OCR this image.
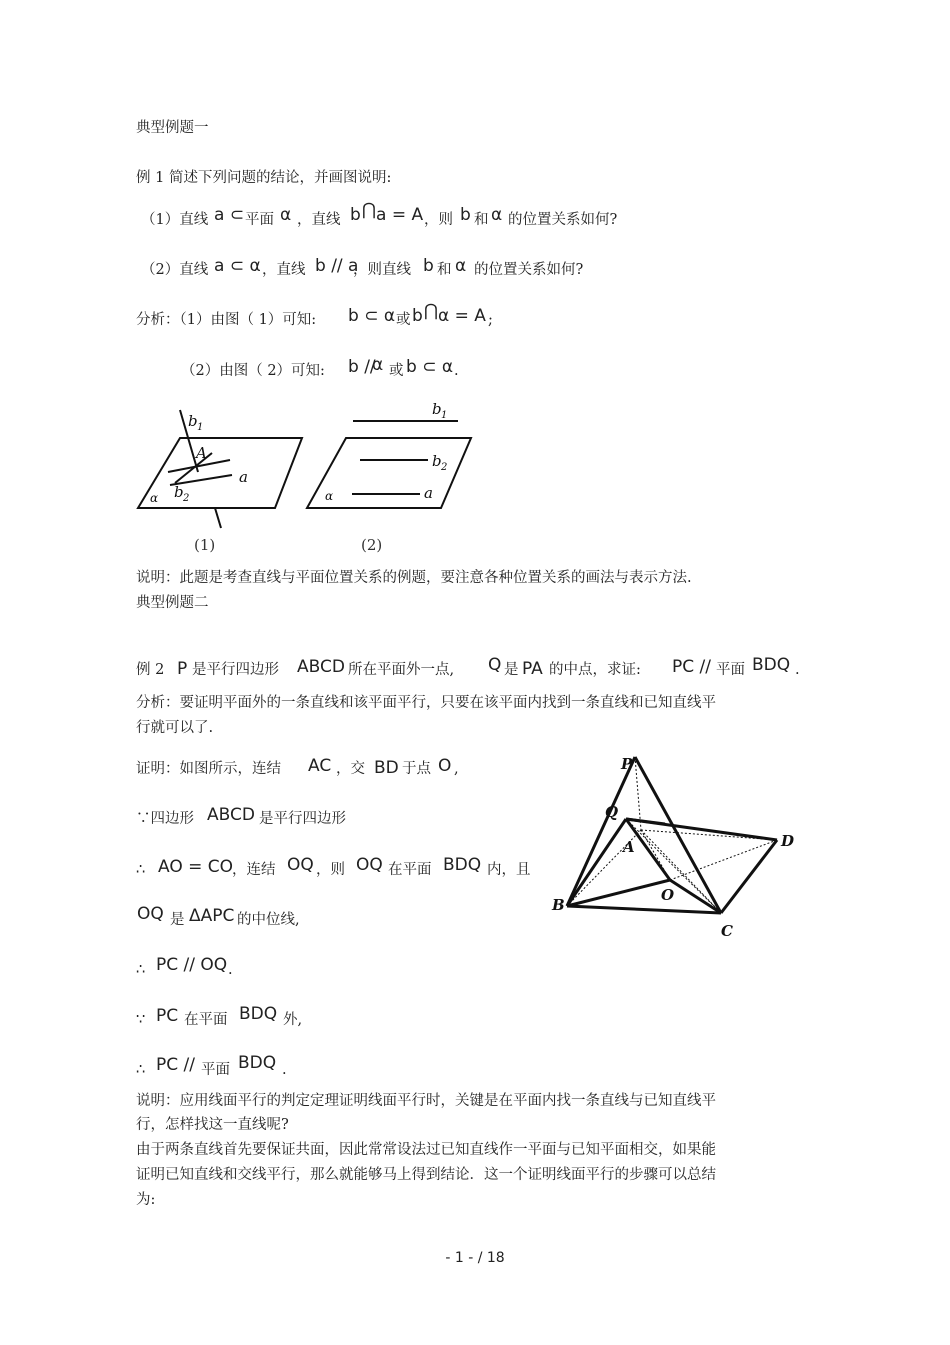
典型例题一
例 1 简述下列问题的结论，并画图说明:
（1）直线 a ⊂ 平面 α ，直线 b ⋂ a = A ，则 b 和 α 的位置关系如何?
（2）直线 a ⊂ α ，直线 b // a
，则直线 b 和 α 的位置关系如何?
分析：（1）由图（ 1）可知: b ⊂ α 或 b ⋂ α = A ;
（2）由图（ 2）可知: b //
α 或 b ⊂ α .
b 1
A
a
b 2
α
(1)
b 1
b 2
a
α
(2)
说明：此题是考查直线与平面位置关系的例题，要注意各种位置关系的画法与表示方法.
典型例题二
例 2 P 是平行四边形 ABCD 所在平面外一点, Q 是 PA 的中点，求证: PC // 平面 BDQ .
分析：要证明平面外的一条直线和该平面平行，只要在该平面内找到一条直线和已知直线平
行就可以了.
证明：如图所示，连结 AC ，交 BD 于点 O ,
∵四边形 ABCD 是平行四边形
∴ AO = CO
，连结 OQ ，则 OQ 在平面 BDQ 内，且
OQ 是 ΔAPC 的中位线,
∴ PC // OQ .
∵ PC 在平面 BDQ 外,
∴ PC // 平面 BDQ .
P
Q
A	D
O
B
C
说明：应用线面平行的判定定理证明线面平行时，关键是在平面内找一条直线与已知直线平
行，怎样找这一直线呢?
由于两条直线首先要保证共面，因此常常设法过已知直线作一平面与已知平面相交，如果能
证明已知直线和交线平行，那么就能够马上得到结论．这一个证明线面平行的步骤可以总结
为:
- 1 - / 18
